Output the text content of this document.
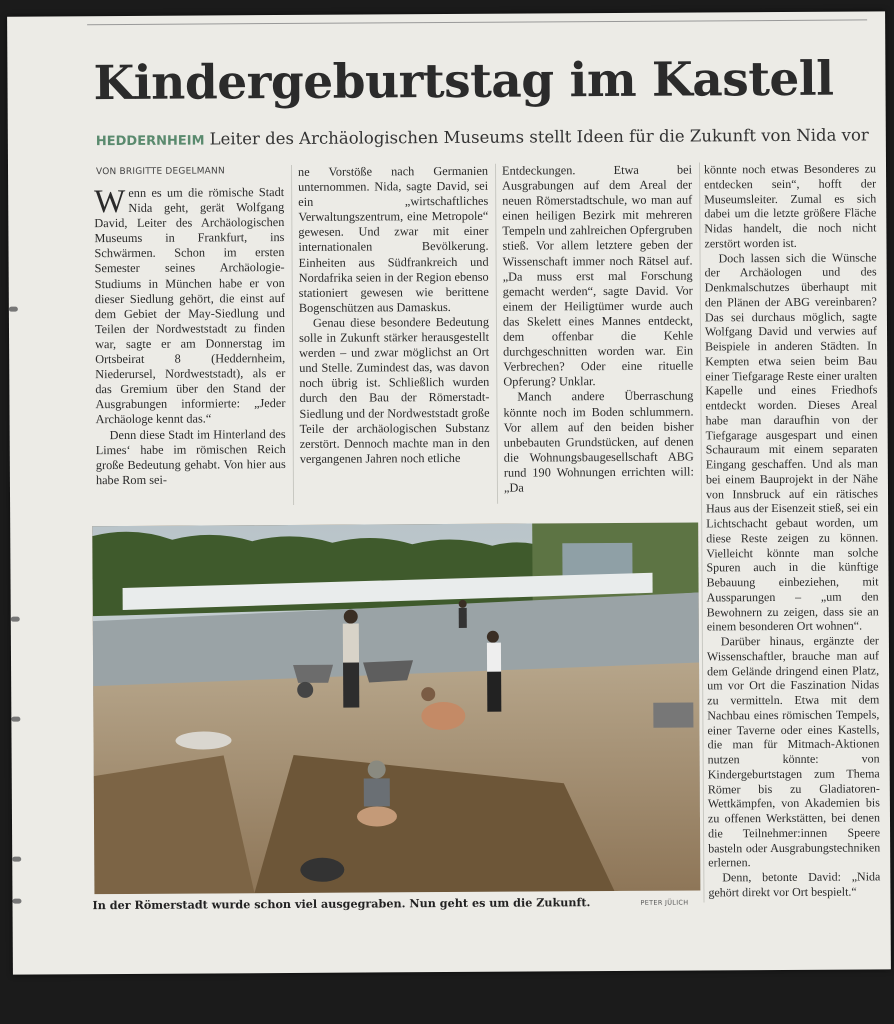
Kindergeburtstag im Kastell
HEDDERNHEIM Leiter des Archäologischen Museums stellt Ideen für die Zukunft von Nida vor
VON BRIGITTE DEGELMANN

Wenn es um die römische Stadt Nida geht, gerät Wolfgang David, Leiter des Archäologischen Museums in Frankfurt, ins Schwärmen. Schon im ersten Semester seines Archäologie-Studiums in München habe er von dieser Siedlung gehört, die einst auf dem Gebiet der May-Siedlung und Teilen der Nordweststadt zu finden war, sagte er am Donnerstag im Ortsbeirat 8 (Heddernheim, Niederursel, Nordweststadt), als er das Gremium über den Stand der Ausgrabungen informierte: „Jeder Archäologe kennt das.“

Denn diese Stadt im Hinterland des Limes‘ habe im römischen Reich große Bedeutung gehabt. Von hier aus habe Rom sei-

ne Vorstöße nach Germanien unternommen. Nida, sagte David, sei ein „wirtschaftliches Verwaltungszentrum, eine Metropole“ gewesen. Und zwar mit einer internationalen Bevölkerung. Einheiten aus Südfrankreich und Nordafrika seien in der Region ebenso stationiert gewesen wie berittene Bogenschützen aus Damaskus.

Genau diese besondere Bedeutung solle in Zukunft stärker herausgestellt werden – und zwar möglichst an Ort und Stelle. Zumindest das, was davon noch übrig ist. Schließlich wurden durch den Bau der Römerstadt-Siedlung und der Nordweststadt große Teile der archäologischen Substanz zerstört. Dennoch machte man in den vergangenen Jahren noch etliche

Entdeckungen. Etwa bei Ausgrabungen auf dem Areal der neuen Römerstadtschule, wo man auf einen heiligen Bezirk mit mehreren Tempeln und zahlreichen Opfergruben stieß. Vor allem letztere geben der Wissenschaft immer noch Rätsel auf. „Da muss erst mal Forschung gemacht werden“, sagte David. Vor einem der Heiligtümer wurde auch das Skelett eines Mannes entdeckt, dem offenbar die Kehle durchgeschnitten worden war. Ein Verbrechen? Oder eine rituelle Opferung? Unklar.

Manch andere Überraschung könnte noch im Boden schlummern. Vor allem auf den beiden bisher unbebauten Grundstücken, auf denen die Wohnungsbaugesellschaft ABG rund 190 Wohnungen errichten will: „Da

könnte noch etwas Besonderes zu entdecken sein“, hofft der Museumsleiter. Zumal es sich dabei um die letzte größere Fläche Nidas handelt, die noch nicht zerstört worden ist.

Doch lassen sich die Wünsche der Archäologen und des Denkmalschutzes überhaupt mit den Plänen der ABG vereinbaren? Das sei durchaus möglich, sagte Wolfgang David und verwies auf Beispiele in anderen Städten. In Kempten etwa seien beim Bau einer Tiefgarage Reste einer uralten Kapelle und eines Friedhofs entdeckt worden. Dieses Areal habe man daraufhin von der Tiefgarage ausgespart und einen Schauraum mit einem separaten Eingang geschaffen. Und als man bei einem Bauprojekt in der Nähe von Innsbruck auf ein rätisches Haus aus der Eisenzeit stieß, sei ein Lichtschacht gebaut worden, um diese Reste zeigen zu können. Vielleicht könnte man solche Spuren auch in die künftige Bebauung einbeziehen, mit Aussparungen – „um den Bewohnern zu zeigen, dass sie an einem besonderen Ort wohnen“.

Darüber hinaus, ergänzte der Wissenschaftler, brauche man auf dem Gelände dringend einen Platz, um vor Ort die Faszination Nidas zu vermitteln. Etwa mit dem Nachbau eines römischen Tempels, einer Taverne oder eines Kastells, die man für Mitmach-Aktionen nutzen könnte: von Kindergeburtstagen zum Thema Römer bis zu Gladiatoren-Wettkämpfen, von Akademien bis zu offenen Werkstätten, bei denen die Teilnehmer:innen Speere basteln oder Ausgrabungstechniken erlernen.

Denn, betonte David: „Nida gehört direkt vor Ort bespielt.“

In der Römerstadt wurde schon viel ausgegraben. Nun geht es um die Zukunft.	PETER JÜLICH
